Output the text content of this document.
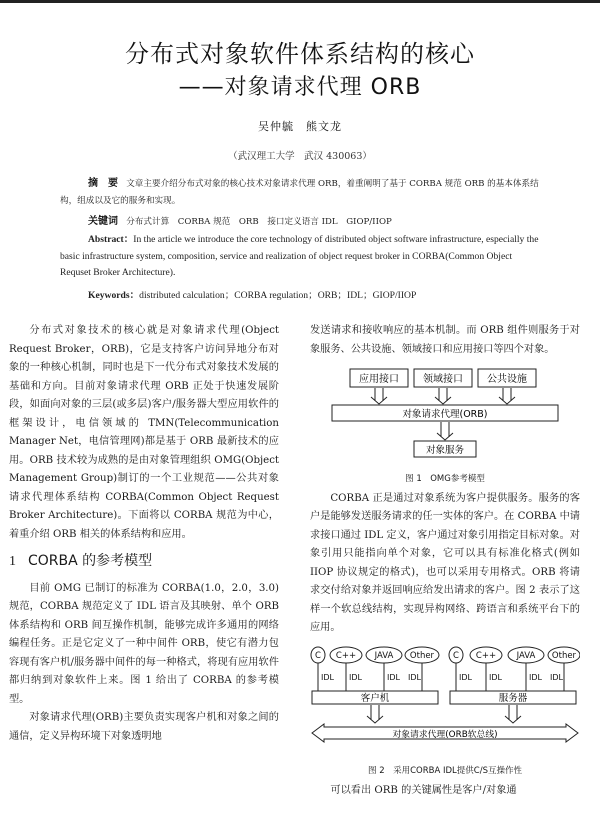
分布式对象软件体系结构的核心
——对象请求代理 ORB
吴仲毓　熊文龙
（武汉理工大学　武汉 430063）
摘　要 文章主要介绍分布式对象的核心技术对象请求代理 ORB，着重阐明了基于 CORBA 规范 ORB 的基本体系结构，组成以及它的服务和实现。
关键词 分布式计算　CORBA 规范　ORB　接口定义语言 IDL　GIOP/IIOP
Abstract：In the article we introduce the core technology of distributed object software infrastructure, especially the basic infrastructure system, composition, service and realization of object request broker in CORBA(Common Object Requset Broker Architecture).
Keywords：distributed calculation；CORBA regulation；ORB；IDL；GIOP/IIOP

分布式对象技术的核心就是对象请求代理(Object Request Broker，ORB)，它是支持客户访问异地分布对象的一种核心机制，同时也是下一代分布式对象技术发展的基础和方向。目前对象请求代理 ORB 正处于快速发展阶段，如面向对象的三层(或多层)客户/服务器大型应用软件的框架设计，电信领域的 TMN(Telecommunication Manager Net，电信管理网)都是基于 ORB 最新技术的应用。ORB 技术较为成熟的是由对象管理组织 OMG(Object Management Group)制订的一个工业规范——公共对象请求代理体系结构 CORBA(Common Object Request Broker Architecture)。下面将以 CORBA 规范为中心，着重介绍 ORB 相关的体系结构和应用。

1 CORBA 的参考模型

目前 OMG 已制订的标准为 CORBA(1.0，2.0，3.0) 规范，CORBA 规范定义了 IDL 语言及其映射、单个 ORB 体系结构和 ORB 间互操作机制，能够完成许多通用的网络编程任务。正是它定义了一种中间件 ORB，使它有潜力包容现有客户机/服务器中间件的每一种格式，将现有应用软件都归纳到对象软件上来。图 1 给出了 CORBA 的参考模型。

对象请求代理(ORB)主要负责实现客户机和对象之间的通信，定义异构环境下对象透明地

发送请求和接收响应的基本机制。而 ORB 组件则服务于对象服务、公共设施、领域接口和应用接口等四个对象。

应用接口 领域接口 公共设施
对象请求代理(ORB)
对象服务
图 1　OMG参考模型

CORBA 正是通过对象系统为客户提供服务。服务的客户是能够发送服务请求的任一实体的客户。在 CORBA 中请求接口通过 IDL 定义，客户通过对象引用指定目标对象。对象引用只能指向单个对象，它可以具有标准化格式(例如 IIOP 协议规定的格式)，也可以采用专用格式。ORB 将请求交付给对象并返回响应给发出请求的客户。图 2 表示了这样一个软总线结构，实现异构网络、跨语言和系统平台下的应用。

C C++ JAVA Other C C++ JAVA Other
IDL IDL	IDL IDL	IDL IDL	IDL IDL
客户机	服务器
对象请求代理(ORB软总线)
图 2　采用CORBA IDL提供C/S互操作性

可以看出 ORB 的关键属性是客户/对象通
